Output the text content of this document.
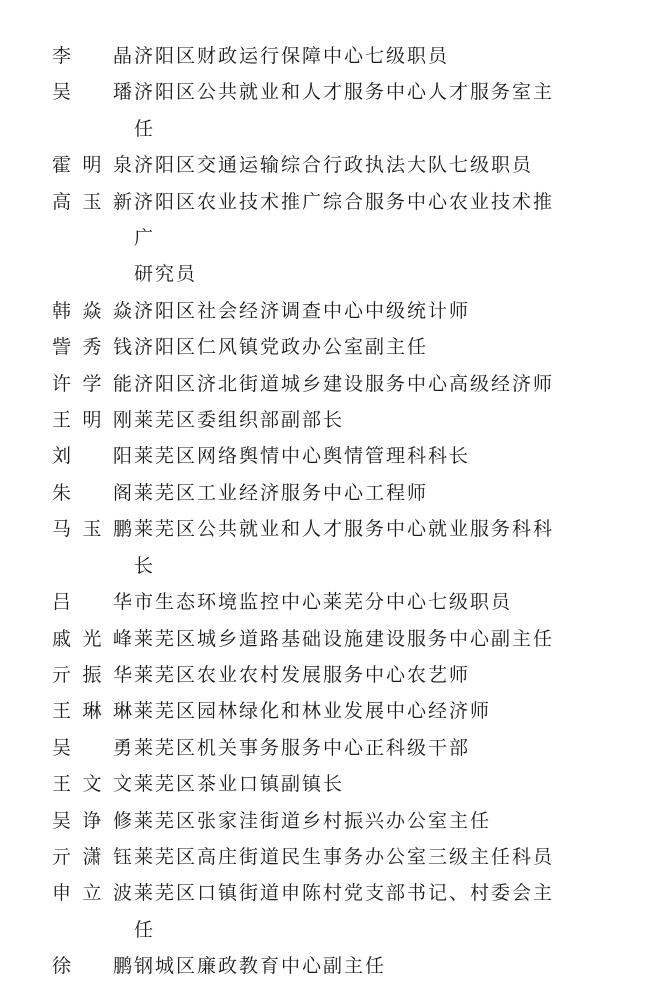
李晶 济阳区财政运行保障中心七级职员
吴璠 济阳区公共就业和人才服务中心人才服务室主任
霍明泉 济阳区交通运输综合行政执法大队七级职员
高玉新 济阳区农业技术推广综合服务中心农业技术推广
研究员
韩焱焱 济阳区社会经济调查中心中级统计师
訾秀钱 济阳区仁风镇党政办公室副主任
许学能 济阳区济北街道城乡建设服务中心高级经济师
王明刚 莱芜区委组织部副部长
刘阳 莱芜区网络舆情中心舆情管理科科长
朱阁 莱芜区工业经济服务中心工程师
马玉鹏 莱芜区公共就业和人才服务中心就业服务科科长
吕华 市生态环境监控中心莱芜分中心七级职员
戚光峰 莱芜区城乡道路基础设施建设服务中心副主任
亓振华 莱芜区农业农村发展服务中心农艺师
王琳琳 莱芜区园林绿化和林业发展中心经济师
吴勇 莱芜区机关事务服务中心正科级干部
王文文 莱芜区茶业口镇副镇长
吴诤修 莱芜区张家洼街道乡村振兴办公室主任
亓潇钰 莱芜区高庄街道民生事务办公室三级主任科员
申立波 莱芜区口镇街道申陈村党支部书记、村委会主任
徐鹏 钢城区廉政教育中心副主任
